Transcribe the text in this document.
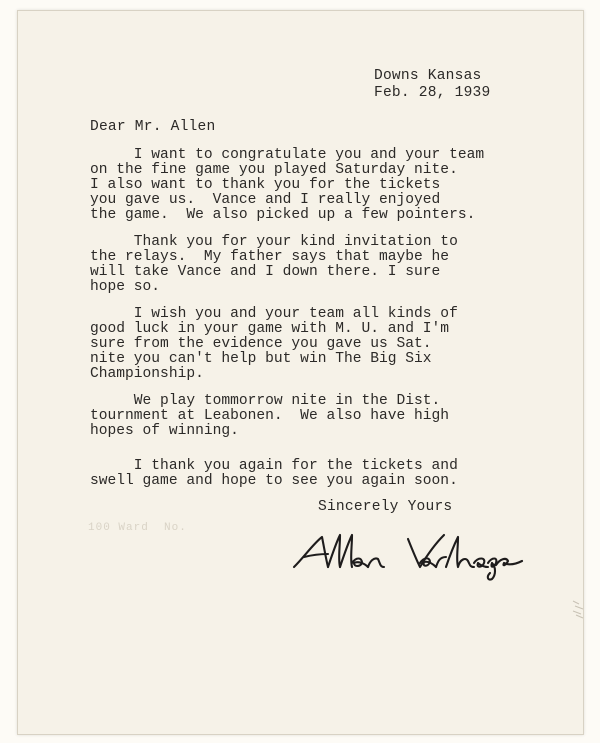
Downs Kansas
Feb. 28, 1939
Dear Mr. Allen
I want to congratulate you and your team
on the fine game you played Saturday nite.
I also want to thank you for the tickets
you gave us.  Vance and I really enjoyed
the game.  We also picked up a few pointers.
Thank you for your kind invitation to
the relays.  My father says that maybe he
will take Vance and I down there. I sure
hope so.
I wish you and your team all kinds of
good luck in your game with M. U. and I'm
sure from the evidence you gave us Sat.
nite you can't help but win The Big Six
Championship.
We play tommorrow nite in the Dist.
tournment at Leabonen.  We also have high
hopes of winning.
I thank you again for the tickets and
swell game and hope to see you again soon.
Sincerely Yours
100 Ward  No.	Allen Verhage
